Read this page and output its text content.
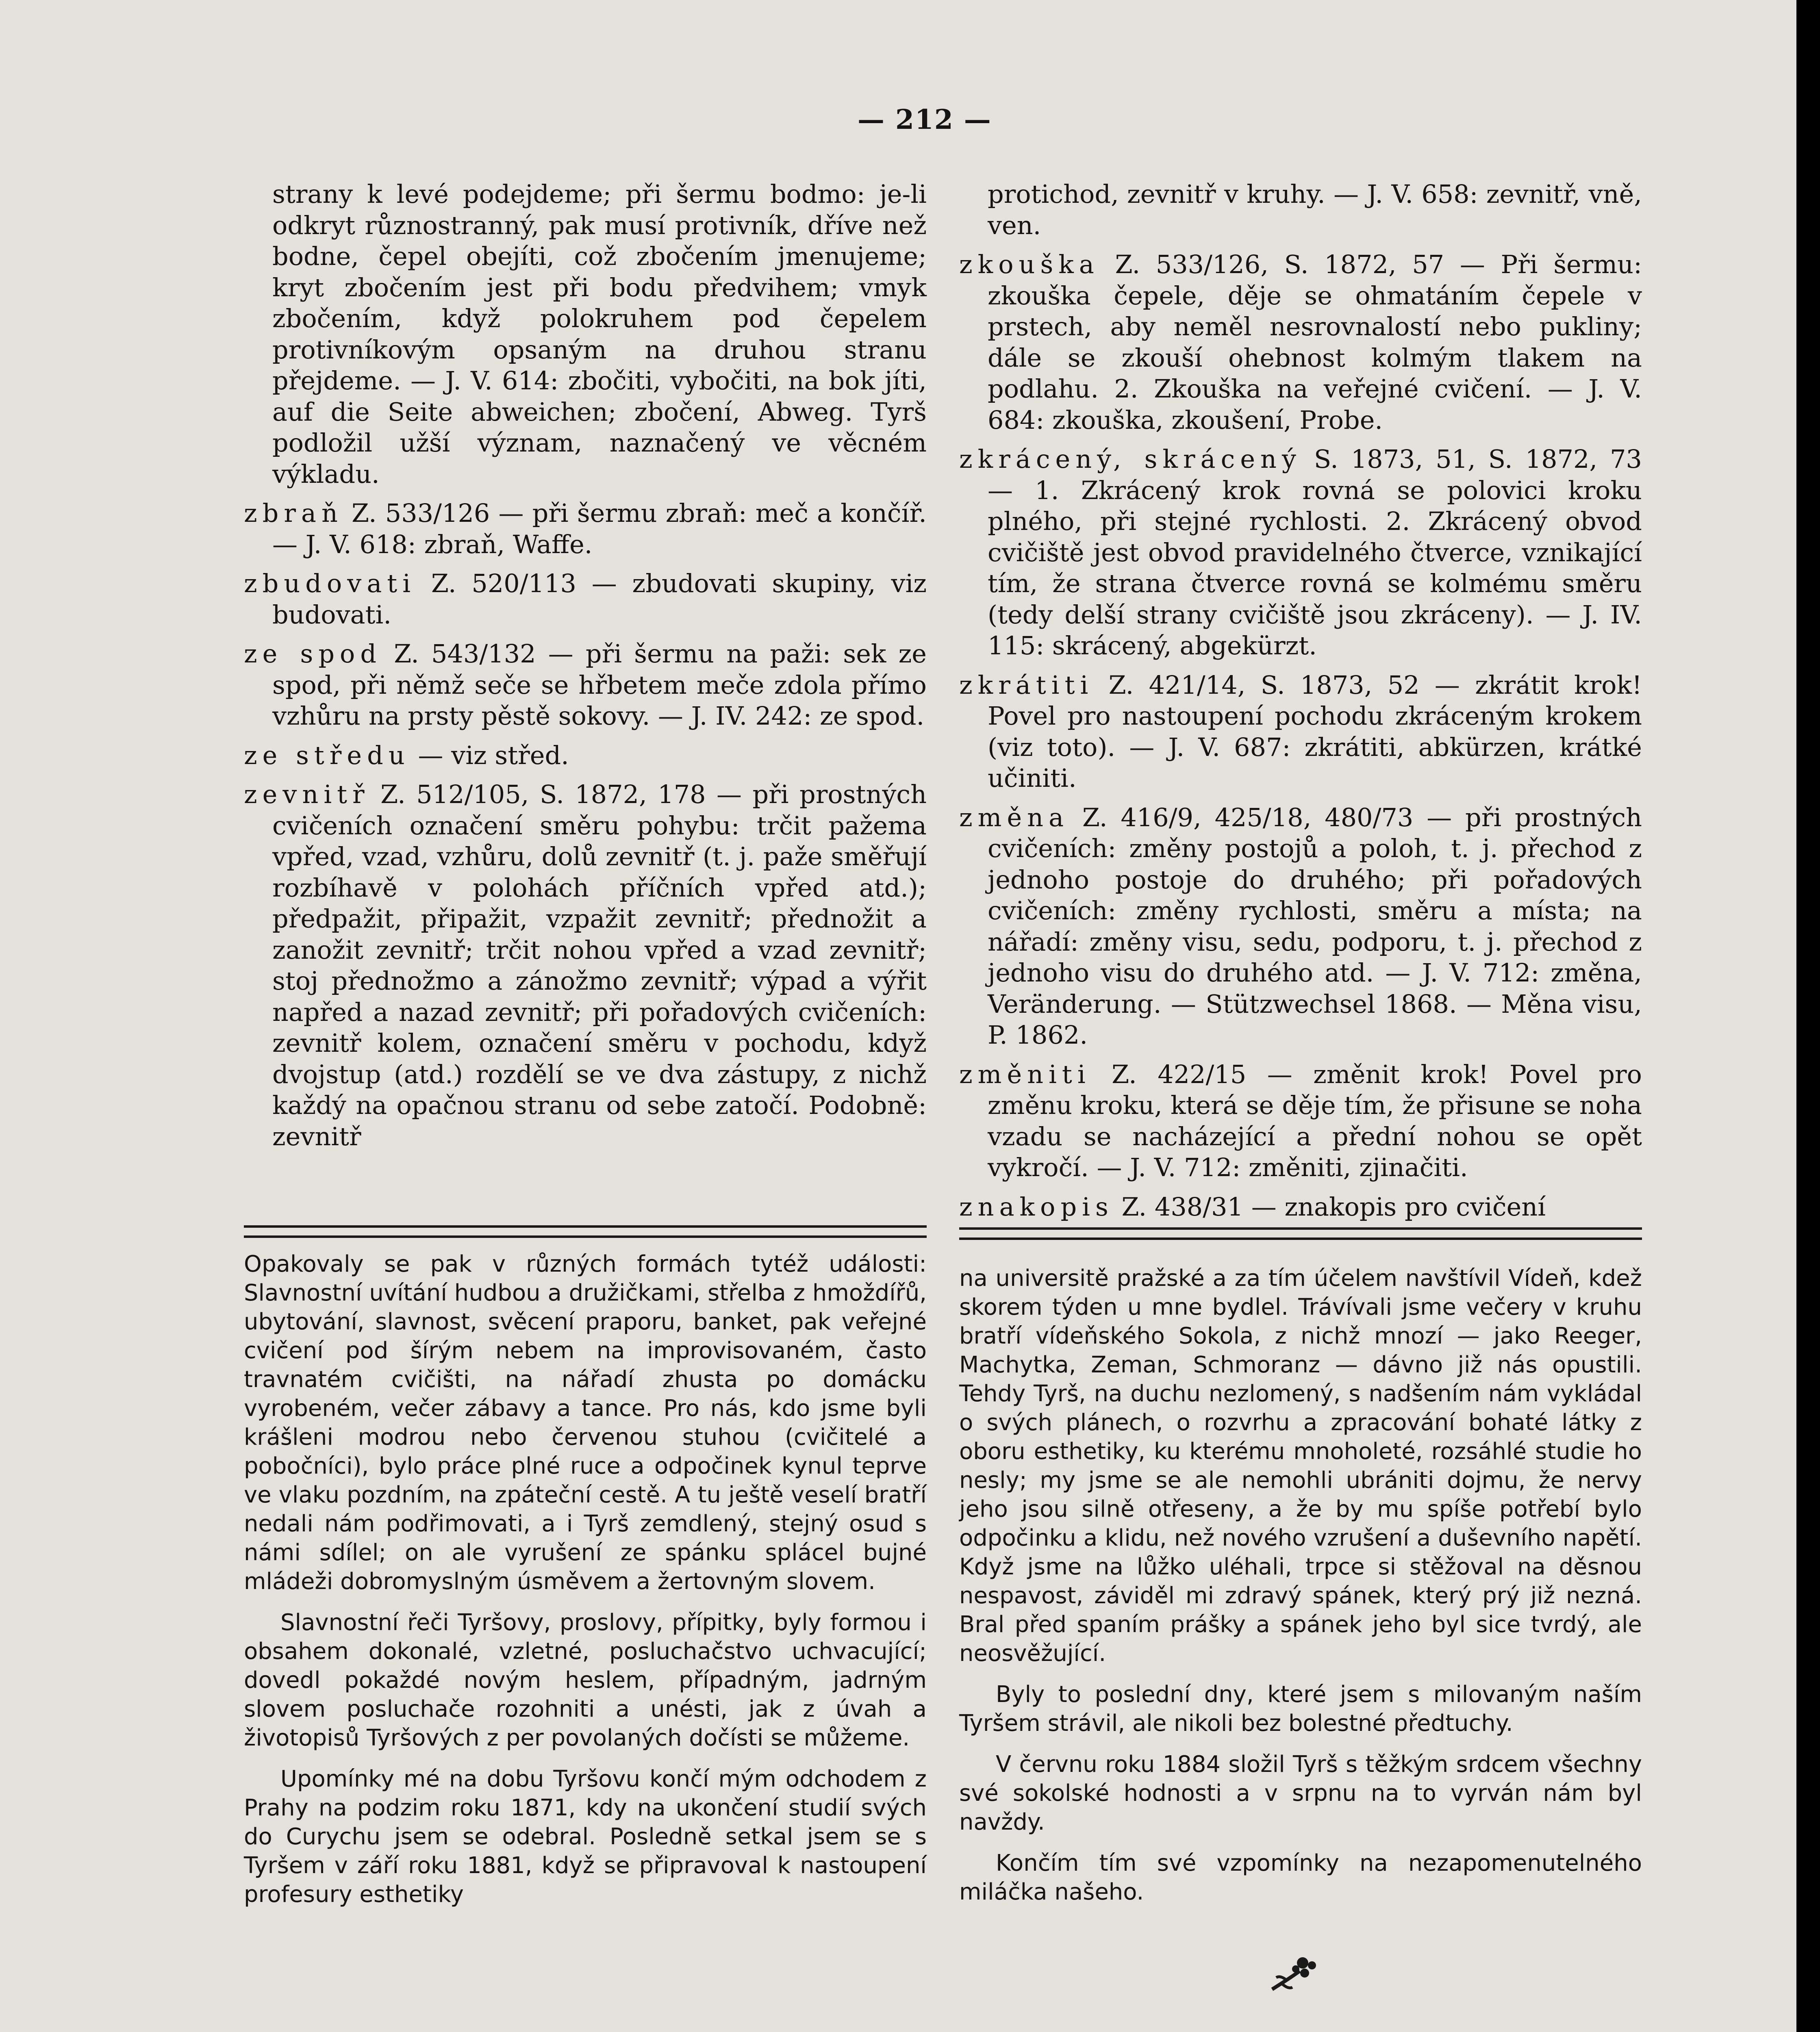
— 212 —

strany k levé podejdeme; při šermu bodmo: je-li odkryt různostranný, pak musí protivník, dříve než bodne, čepel obejíti, což zbočením jmenujeme; kryt zbočením jest při bodu předvihem; vmyk zbočením, když polokruhem pod čepelem protivníkovým opsaným na druhou stranu přejdeme. — J. V. 614: zbočiti, vybočiti, na bok jíti, auf die Seite abweichen; zbočení, Abweg. Tyrš podložil užší význam, naznačený ve věcném výkladu.

zbraň Z. 533/126 — při šermu zbraň: meč a končíř. — J. V. 618: zbraň, Waffe.

zbudovati Z. 520/113 — zbudovati skupiny, viz budovati.

ze spod Z. 543/132 — při šermu na paži: sek ze spod, při němž seče se hřbetem meče zdola přímo vzhůru na prsty pěstě sokovy. — J. IV. 242: ze spod.

ze středu — viz střed.

zevnitř Z. 512/105, S. 1872, 178 — při prostných cvičeních označení směru pohybu: trčit pažema vpřed, vzad, vzhůru, dolů zevnitř (t. j. paže směřují rozbíhavě v polohách příčních vpřed atd.); předpažit, připažit, vzpažit zevnitř; přednožit a zanožit zevnitř; trčit nohou vpřed a vzad zevnitř; stoj přednožmo a zánožmo zevnitř; výpad a výřit napřed a nazad zevnitř; při pořadových cvičeních: zevnitř kolem, označení směru v pochodu, když dvojstup (atd.) rozdělí se ve dva zástupy, z nichž každý na opačnou stranu od sebe zatočí. Podobně: zevnitř

protichod, zevnitř v kruhy. — J. V. 658: zevnitř, vně, ven.

zkouška Z. 533/126, S. 1872, 57 — Při šermu: zkouška čepele, děje se ohmatáním čepele v prstech, aby neměl nesrovnalostí nebo pukliny; dále se zkouší ohebnost kolmým tlakem na podlahu. 2. Zkouška na veřejné cvičení. — J. V. 684: zkouška, zkoušení, Probe.

zkrácený, skrácený S. 1873, 51, S. 1872, 73 — 1. Zkrácený krok rovná se polovici kroku plného, při stejné rychlosti. 2. Zkrácený obvod cvičiště jest obvod pravidelného čtverce, vznikající tím, že strana čtverce rovná se kolmému směru (tedy delší strany cvičiště jsou zkráceny). — J. IV. 115: skrácený, abgekürzt.

zkrátiti Z. 421/14, S. 1873, 52 — zkrátit krok! Povel pro nastoupení pochodu zkráceným krokem (viz toto). — J. V. 687: zkrátiti, abkürzen, krátké učiniti.

změna Z. 416/9, 425/18, 480/73 — při prostných cvičeních: změny postojů a poloh, t. j. přechod z jednoho postoje do druhého; při pořadových cvičeních: změny rychlosti, směru a místa; na nářadí: změny visu, sedu, podporu, t. j. přechod z jednoho visu do druhého atd. — J. V. 712: změna, Veränderung. — Stützwechsel 1868. — Měna visu, P. 1862.

změniti Z. 422/15 — změnit krok! Povel pro změnu kroku, která se děje tím, že přisune se noha vzadu se nacházející a přední nohou se opět vykročí. — J. V. 712: změniti, zjinačiti.

znakopis Z. 438/31 — znakopis pro cvičení

Opakovaly se pak v různých formách tytéž události: Slavnostní uvítání hudbou a družičkami, střelba z hmoždířů, ubytování, slavnost, svěcení praporu, banket, pak veřejné cvičení pod šírým nebem na improvisovaném, často travnatém cvičišti, na nářadí zhusta po domácku vyrobeném, večer zábavy a tance. Pro nás, kdo jsme byli krášleni modrou nebo červenou stuhou (cvičitelé a pobočníci), bylo práce plné ruce a odpočinek kynul teprve ve vlaku pozdním, na zpáteční cestě. A tu ještě veselí bratří nedali nám podřimovati, a i Tyrš zemdlený, stejný osud s námi sdílel; on ale vyrušení ze spánku splácel bujné mládeži dobromyslným úsměvem a žertovným slovem.

Slavnostní řeči Tyršovy, proslovy, přípitky, byly formou i obsahem dokonalé, vzletné, posluchačstvo uchvacující; dovedl pokaždé novým heslem, případným, jadrným slovem posluchače rozohniti a unésti, jak z úvah a životopisů Tyršových z per povolaných dočísti se můžeme.

Upomínky mé na dobu Tyršovu končí mým odchodem z Prahy na podzim roku 1871, kdy na ukončení studií svých do Curychu jsem se odebral. Posledně setkal jsem se s Tyršem v září roku 1881, když se připravoval k nastoupení profesury esthetiky

na universitě pražské a za tím účelem navštívil Vídeň, kdež skorem týden u mne bydlel. Trávívali jsme večery v kruhu bratří vídeňského Sokola, z nichž mnozí — jako Reeger, Machytka, Zeman, Schmoranz — dávno již nás opustili. Tehdy Tyrš, na duchu nezlomený, s nadšením nám vykládal o svých plánech, o rozvrhu a zpracování bohaté látky z oboru esthetiky, ku kterému mnoholeté, rozsáhlé studie ho nesly; my jsme se ale nemohli ubrániti dojmu, že nervy jeho jsou silně otřeseny, a že by mu spíše potřebí bylo odpočinku a klidu, než nového vzrušení a duševního napětí. Když jsme na lůžko uléhali, trpce si stěžoval na děsnou nespavost, záviděl mi zdravý spánek, který prý již nezná. Bral před spaním prášky a spánek jeho byl sice tvrdý, ale neosvěžující.

Byly to poslední dny, které jsem s milovaným naším Tyršem strávil, ale nikoli bez bolestné předtuchy.

V červnu roku 1884 složil Tyrš s těžkým srdcem všechny své sokolské hodnosti a v srpnu na to vyrván nám byl navždy.

Končím tím své vzpomínky na nezapomenutelného miláčka našeho.
